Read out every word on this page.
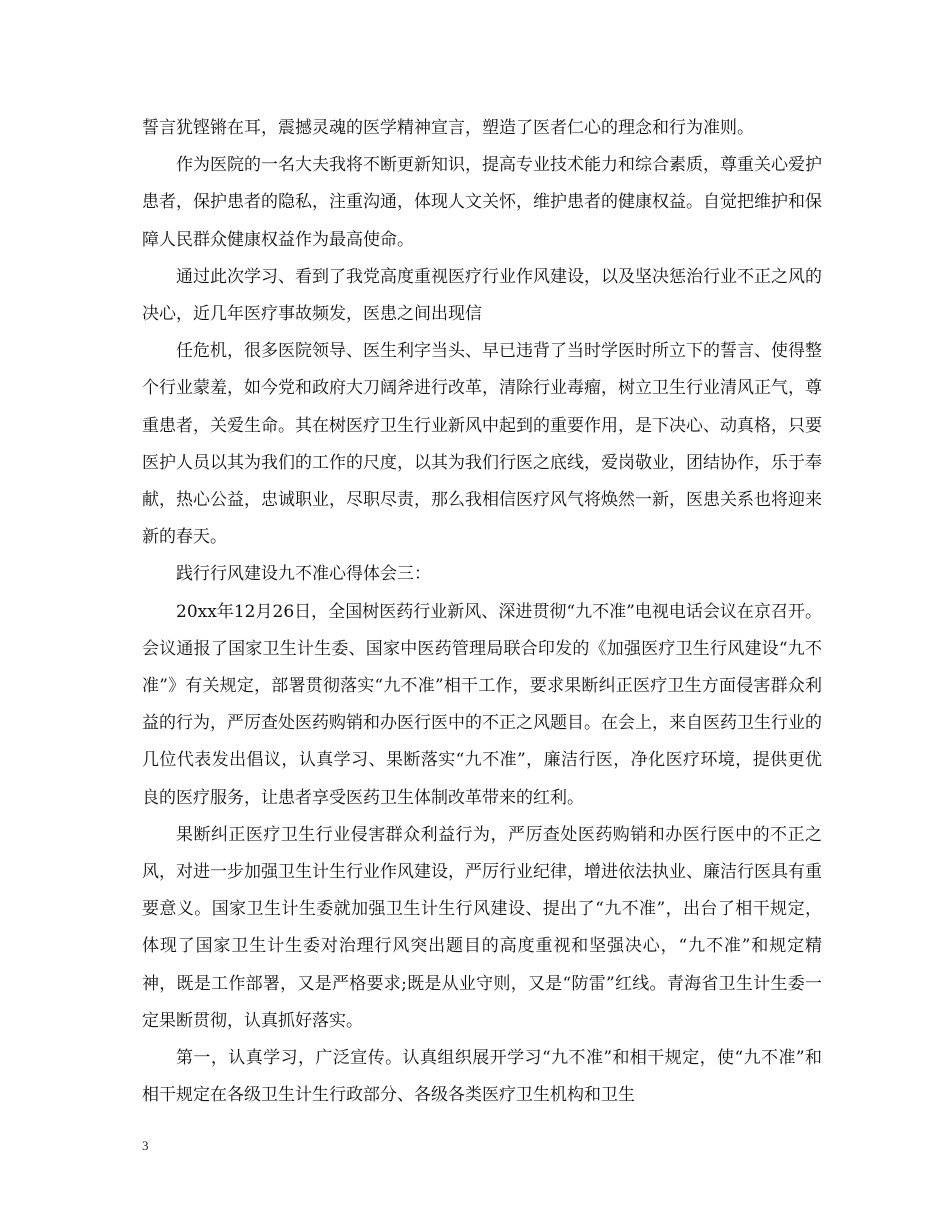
誓言犹铿锵在耳，震撼灵魂的医学精神宣言，塑造了医者仁心的理念和行为准则。

作为医院的一名大夫我将不断更新知识，提高专业技术能力和综合素质，尊重关心爱护患者，保护患者的隐私，注重沟通，体现人文关怀，维护患者的健康权益。自觉把维护和保障人民群众健康权益作为最高使命。

通过此次学习、看到了我党高度重视医疗行业作风建设，以及坚决惩治行业不正之风的决心，近几年医疗事故频发，医患之间出现信

任危机，很多医院领导、医生利字当头、早已违背了当时学医时所立下的誓言、使得整个行业蒙羞，如今党和政府大刀阔斧进行改革，清除行业毒瘤，树立卫生行业清风正气，尊重患者，关爱生命。其在树医疗卫生行业新风中起到的重要作用，是下决心、动真格，只要医护人员以其为我们的工作的尺度，以其为我们行医之底线，爱岗敬业，团结协作，乐于奉献，热心公益，忠诚职业，尽职尽责，那么我相信医疗风气将焕然一新，医患关系也将迎来新的春天。

践行行风建设九不准心得体会三：

20xx年12月26日，全国树医药行业新风、深进贯彻“九不准”电视电话会议在京召开。会议通报了国家卫生计生委、国家中医药管理局联合印发的《加强医疗卫生行风建设“九不准”》有关规定，部署贯彻落实“九不准”相干工作，要求果断纠正医疗卫生方面侵害群众利益的行为，严厉查处医药购销和办医行医中的不正之风题目。在会上，来自医药卫生行业的几位代表发出倡议，认真学习、果断落实“九不准”，廉洁行医，净化医疗环境，提供更优良的医疗服务，让患者享受医药卫生体制改革带来的红利。

果断纠正医疗卫生行业侵害群众利益行为，严厉查处医药购销和办医行医中的不正之风，对进一步加强卫生计生行业作风建设，严厉行业纪律，增进依法执业、廉洁行医具有重要意义。国家卫生计生委就加强卫生计生行风建设、提出了“九不准”，出台了相干规定，体现了国家卫生计生委对治理行风突出题目的高度重视和坚强决心，“九不准”和规定精神，既是工作部署，又是严格要求;既是从业守则，又是“防雷”红线。青海省卫生计生委一定果断贯彻，认真抓好落实。

第一，认真学习，广泛宣传。认真组织展开学习“九不准”和相干规定，使“九不准”和相干规定在各级卫生计生行政部分、各级各类医疗卫生机构和卫生

3
